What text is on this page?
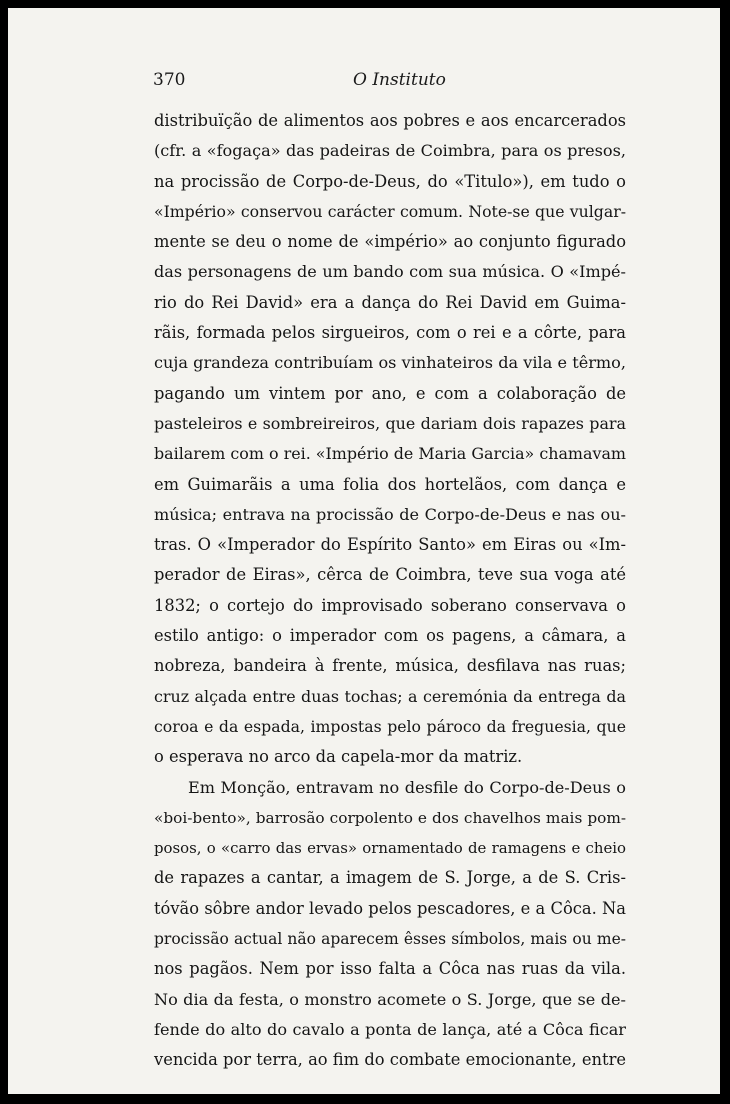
370	O Instituto
distribuïção de alimentos aos pobres e aos encarcerados
(cfr. a «fogaça» das padeiras de Coimbra, para os presos,
na procissão de Corpo-de-Deus, do «Titulo»), em tudo o
«Império» conservou carácter comum. Note-se que vulgar-
mente se deu o nome de «império» ao conjunto figurado
das personagens de um bando com sua música. O «Impé-
rio do Rei David» era a dança do Rei David em Guima-
rãis, formada pelos sirgueiros, com o rei e a côrte, para
cuja grandeza contribuíam os vinhateiros da vila e têrmo,
pagando um vintem por ano, e com a colaboração de
pasteleiros e sombreireiros, que dariam dois rapazes para
bailarem com o rei. «Império de Maria Garcia» chamavam
em Guimarãis a uma folia dos hortelãos, com dança e
música; entrava na procissão de Corpo-de-Deus e nas ou-
tras. O «Imperador do Espírito Santo» em Eiras ou «Im-
perador de Eiras», cêrca de Coimbra, teve sua voga até
1832; o cortejo do improvisado soberano conservava o
estilo antigo: o imperador com os pagens, a câmara, a
nobreza, bandeira à frente, música, desfilava nas ruas;
cruz alçada entre duas tochas; a ceremónia da entrega da
coroa e da espada, impostas pelo pároco da freguesia, que
o esperava no arco da capela-mor da matriz.
Em Monção, entravam no desfile do Corpo-de-Deus o
«boi-bento», barrosão corpolento e dos chavelhos mais pom-
posos, o «carro das ervas» ornamentado de ramagens e cheio
de rapazes a cantar, a imagem de S. Jorge, a de S. Cris-
tóvão sôbre andor levado pelos pescadores, e a Côca. Na
procissão actual não aparecem êsses símbolos, mais ou me-
nos pagãos. Nem por isso falta a Côca nas ruas da vila.
No dia da festa, o monstro acomete o S. Jorge, que se de-
fende do alto do cavalo a ponta de lança, até a Côca ficar
vencida por terra, ao fim do combate emocionante, entre
